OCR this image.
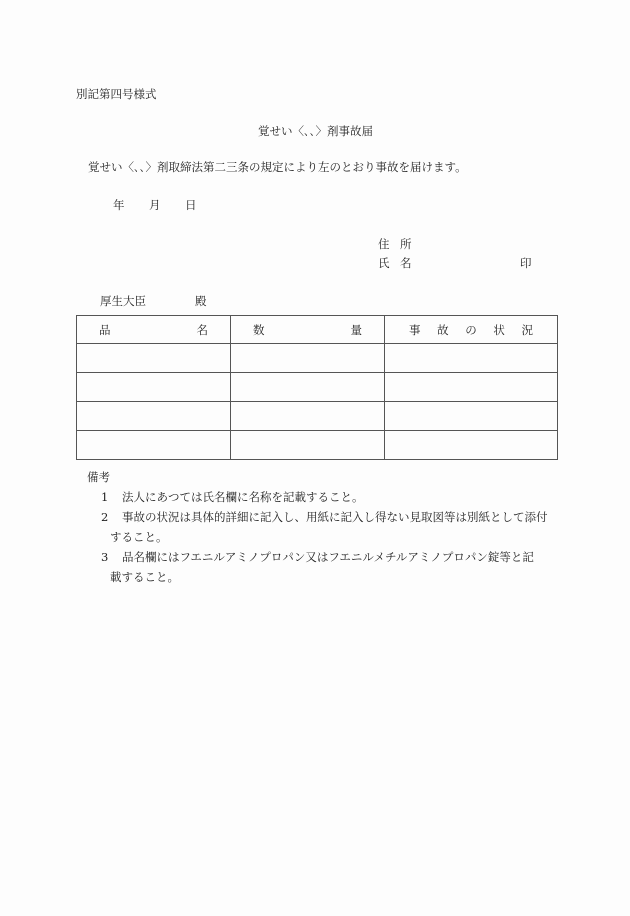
別記第四号様式
覚せい〈､､〉剤事故届
覚せい〈､､〉剤取締法第二三条の規定により左のとおり事故を届けます。
年 月 日
住 所
氏 名	印
厚生大臣	殿
品 名	数 量	事 故 の 状 況

備考
1 法人にあつては氏名欄に名称を記載すること。
2 事故の状況は具体的詳細に記入し、用紙に記入し得ない見取図等は別紙として添付
すること。
3 品名欄にはフエニルアミノプロパン又はフエニルメチルアミノプロパン錠等と記
載すること。
